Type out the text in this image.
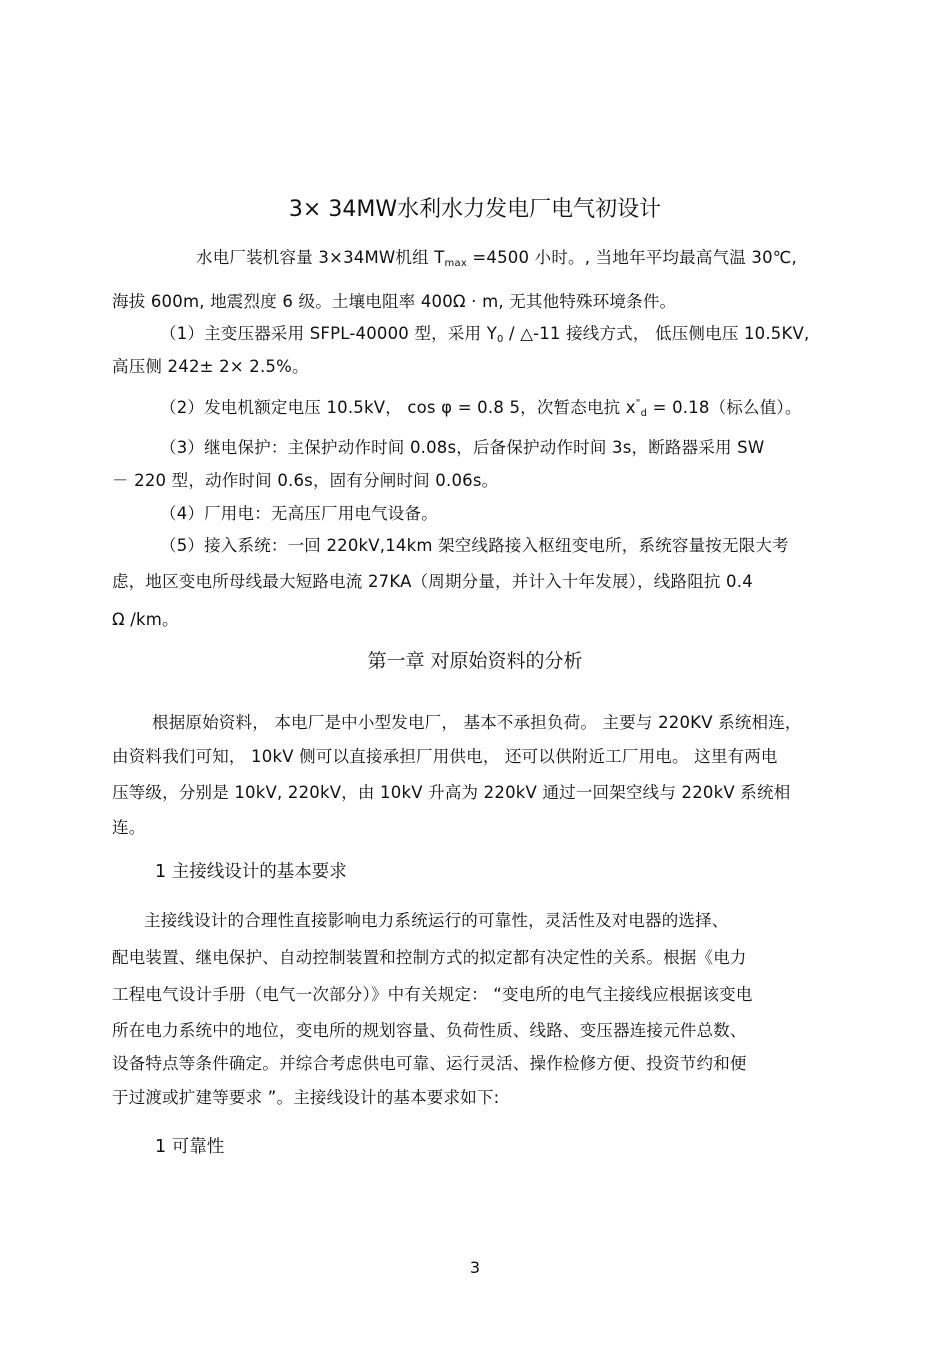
3× 34MW水利水力发电厂电气初设计
水电厂装机容量 3×34MW机组 $T_{max} =4500$ 小时。, 当地年平均最高气温 30℃,
海拔 600m, 地震烈度 6 级。土壤电阻率 400Ω · m, 无其他特殊环境条件。
（1）主变压器采用 SFPL-40000 型，采用 $Y_0$ / △-11 接线方式， 低压侧电压 10.5KV,
高压侧 242± 2× 2.5%。
（2）发电机额定电压 10.5kV， cos φ = 0.8 5，次暂态电抗 $x^"_d = 0.18$（标么值）。
（3）继电保护：主保护动作时间 0.08s，后备保护动作时间 3s，断路器采用 SW
－ 220 型，动作时间 0.6s，固有分闸时间 0.06s。
（4）厂用电：无高压厂用电气设备。
（5）接入系统：一回 220kV,14km 架空线路接入枢纽变电所，系统容量按无限大考
虑，地区变电所母线最大短路电流 27KA（周期分量，并计入十年发展），线路阻抗 0.4
Ω /km。
第一章 对原始资料的分析
根据原始资料， 本电厂是中小型发电厂， 基本不承担负荷。 主要与 220KV 系统相连，
由资料我们可知， 10kV 侧可以直接承担厂用供电， 还可以供附近工厂用电。 这里有两电
压等级，分别是 10kV, 220kV，由 10kV 升高为 220kV 通过一回架空线与 220kV 系统相
连。
1 主接线设计的基本要求
主接线设计的合理性直接影响电力系统运行的可靠性，灵活性及对电器的选择、
配电装置、继电保护、自动控制装置和控制方式的拟定都有决定性的关系。根据《电力
工程电气设计手册（电气一次部分）》中有关规定： “变电所的电气主接线应根据该变电
所在电力系统中的地位，变电所的规划容量、负荷性质、线路、变压器连接元件总数、
设备特点等条件确定。并综合考虑供电可靠、运行灵活、操作检修方便、投资节约和便
于过渡或扩建等要求 ”。主接线设计的基本要求如下:
1 可靠性
3
